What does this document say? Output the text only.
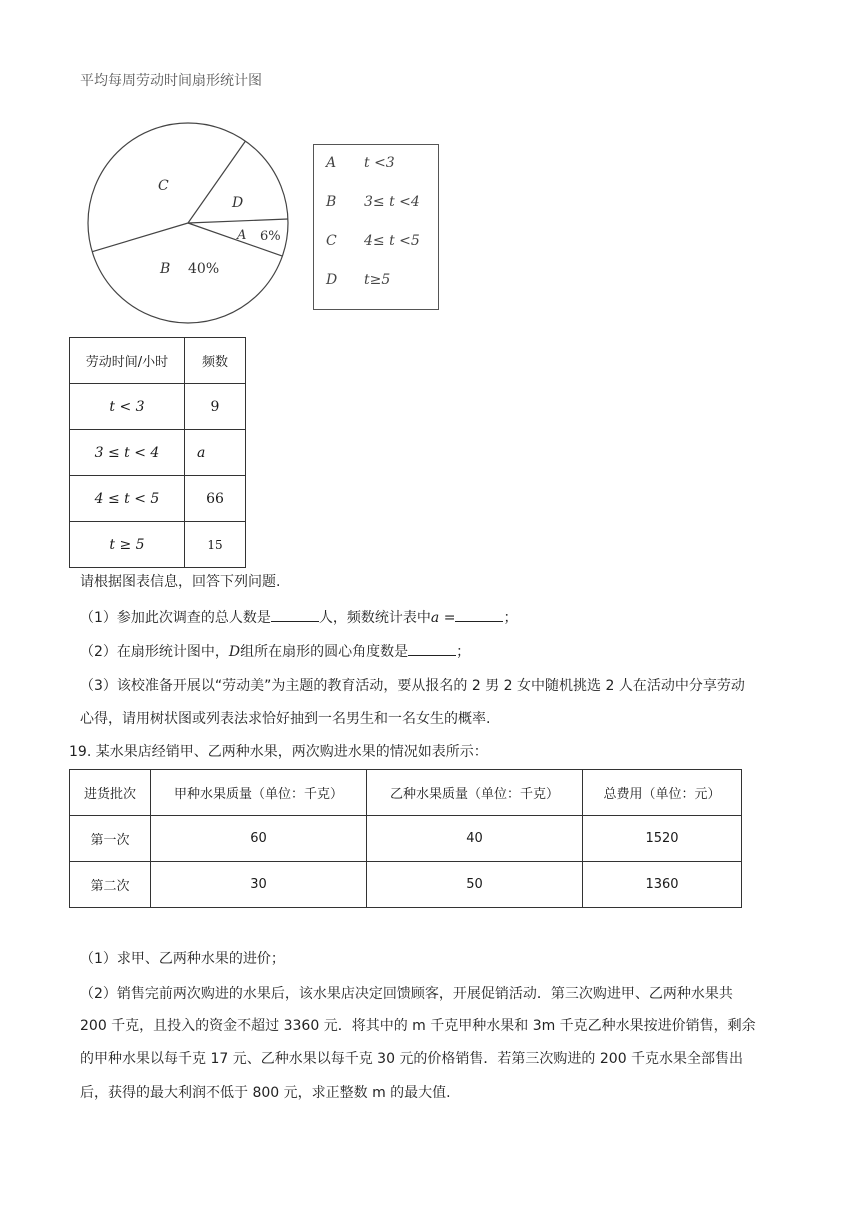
平均每周劳动时间扇形统计图
C
D
A 6%
B 40%
A t <3
B 3≤ t <4
C 4≤ t <5
D t≥5
劳动时间/小时	频数
t < 3	9
3 ≤ t < 4	a
4 ≤ t < 5	66
t ≥ 5	15
请根据图表信息，回答下列问题.
（1）参加此次调查的总人数是	人，频数统计表中a =	；
（2）在扇形统计图中，D组所在扇形的圆心角度数是	；
（3）该校准备开展以“劳动美”为主题的教育活动，要从报名的 2 男 2 女中随机挑选 2 人在活动中分享劳动
心得，请用树状图或列表法求恰好抽到一名男生和一名女生的概率.
19. 某水果店经销甲、乙两种水果，两次购进水果的情况如表所示：
进货批次	甲种水果质量（单位：千克）	乙种水果质量（单位：千克）	总费用（单位：元）
第一次	60	40	1520
第二次	30	50	1360
（1）求甲、乙两种水果的进价；
（2）销售完前两次购进的水果后，该水果店决定回馈顾客，开展促销活动．第三次购进甲、乙两种水果共
200 千克，且投入的资金不超过 3360 元．将其中的 m 千克甲种水果和 3m 千克乙种水果按进价销售，剩余
的甲种水果以每千克 17 元、乙种水果以每千克 30 元的价格销售．若第三次购进的 200 千克水果全部售出
后，获得的最大利润不低于 800 元，求正整数 m 的最大值.
